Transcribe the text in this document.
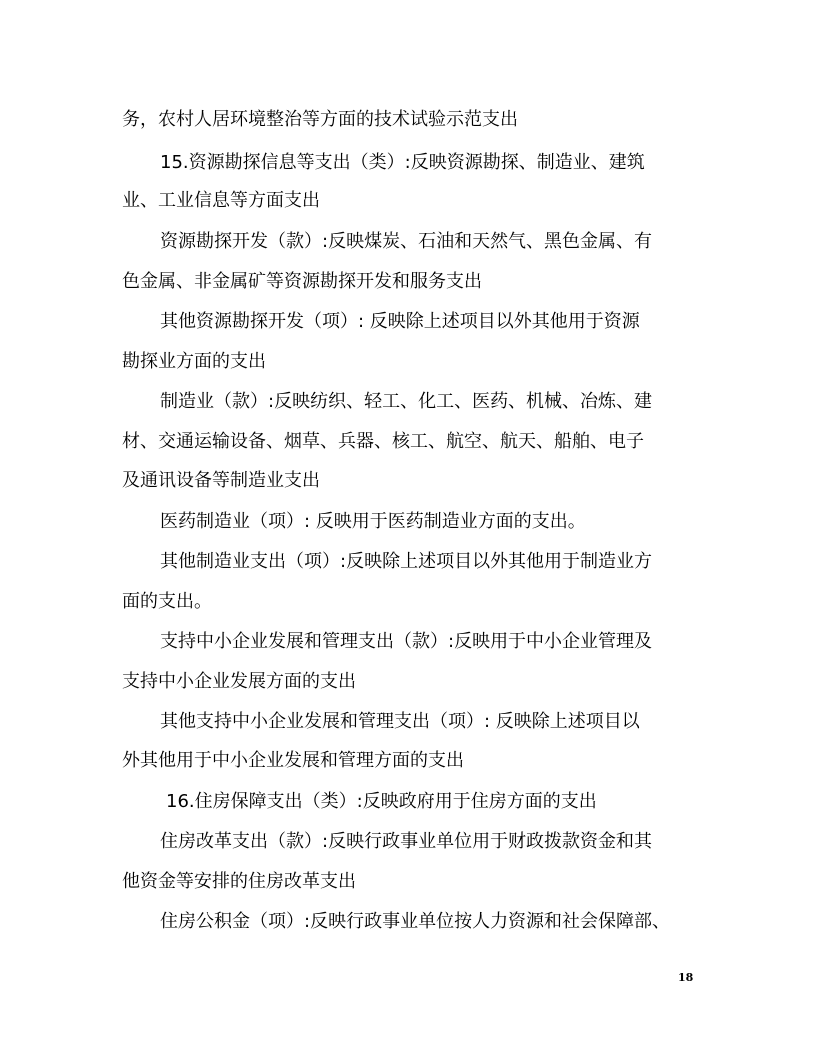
务，农村人居环境整治等方面的技术试验示范支出
15.资源勘探信息等支出（类）:反映资源勘探、制造业、建筑
业、工业信息等方面支出
资源勘探开发（款）:反映煤炭、石油和天然气、黑色金属、有
色金属、非金属矿等资源勘探开发和服务支出
其他资源勘探开发（项）: 反映除上述项目以外其他用于资源
勘探业方面的支出
制造业（款）:反映纺织、轻工、化工、医药、机械、冶炼、建
材、交通运输设备、烟草、兵器、核工、航空、航天、船舶、电子
及通讯设备等制造业支出
医药制造业（项）: 反映用于医药制造业方面的支出。
其他制造业支出（项）:反映除上述项目以外其他用于制造业方
面的支出。
支持中小企业发展和管理支出（款）:反映用于中小企业管理及
支持中小企业发展方面的支出
其他支持中小企业发展和管理支出（项）: 反映除上述项目以
外其他用于中小企业发展和管理方面的支出
16.住房保障支出（类）:反映政府用于住房方面的支出
住房改革支出（款）:反映行政事业单位用于财政拨款资金和其
他资金等安排的住房改革支出
住房公积金（项）:反映行政事业单位按人力资源和社会保障部、
18
